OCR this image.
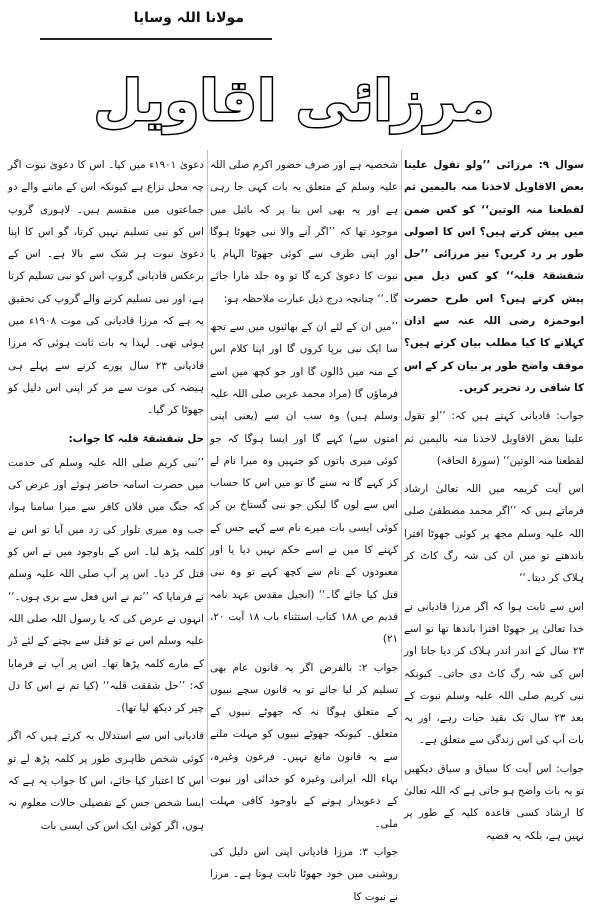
مولانا اللہ وسایا
مرزائی اقاویل

سوال ۹: مرزائی ’’ولو تقول علینا بعض الاقاویل لاخذنا منہ بالیمین ثم لقطعنا منہ الوتین‘‘ کو کس ضمن میں پیش کرتے ہیں؟ اس کا اصولی طور پر رد کریں؟ نیز مرزائی ’’حل شقشقۃ قلبہ‘‘ کو کس ذیل میں پیش کرتے ہیں؟ اس طرح حضرت ابوحمزہ رضی اللہ عنہ سے اذان کہلانے کا کیا مطلب بیان کرتے ہیں؟ موقف واضح طور پر بیان کر کے اس کا شافی رد تحریر کریں۔

جواب: قادیانی کہتے ہیں کہ: ’’لو تقول علینا بعض الاقاویل لاخذنا منہ بالیمین ثم لقطعنا منہ الوتین‘‘ (سورۃ الحاقہ)

اس آیت کریمہ میں اللہ تعالیٰ ارشاد فرماتے ہیں کہ ’’اگر محمد مصطفیٰ صلی اللہ علیہ وسلم مجھ پر کوئی جھوٹا افترا باندھتے تو میں ان کی شہ رگ کاٹ کر ہلاک کر دیتا۔‘‘

اس سے ثابت ہوا کہ اگر مرزا قادیانی نے خدا تعالیٰ پر جھوٹا افترا باندھا تھا تو اسے ۲۳ سال کے اندر اندر ہلاک کر دیا جاتا اور اس کی شہ رگ کاٹ دی جاتی۔ کیونکہ نبی کریم صلی اللہ علیہ وسلم نبوت کے بعد ۲۳ سال تک بقید حیات رہے، اور یہ بات آپ کی اس زندگی سے متعلق ہے۔

جواب: اس آیت کا سیاق و سباق دیکھیں تو یہ بات واضح ہو جاتی ہے کہ اللہ تعالیٰ کا ارشاد کسی قاعدہ کلیہ کے طور پر نہیں ہے، بلکہ یہ قضیہ

شخصیہ ہے اور صرف حضور اکرم صلی اللہ علیہ وسلم کے متعلق یہ بات کہی جا رہی ہے اور یہ بھی اس بنا پر کہ بائبل میں موجود تھا کہ ’’اگر آنے والا نبی جھوٹا ہوگا اور اپنی طرف سے کوئی جھوٹا الہام یا نبوت کا دعویٰ کرے گا تو وہ جلد مارا جائے گا۔‘‘ چنانچہ درج ذیل عبارت ملاحظہ ہو:

’’میں ان کے لئے ان کے بھائیوں میں سے تجھ سا ایک نبی برپا کروں گا اور اپنا کلام اس کے منہ میں ڈالوں گا اور جو کچھ میں اسے فرماؤں گا (مراد محمد عربی صلی اللہ علیہ وسلم ہیں) وہ سب ان سے (یعنی اپنی امتوں سے) کہے گا اور ایسا ہوگا کہ جو کوئی میری باتوں کو جنہیں وہ میرا نام لے کر کہے گا نہ سنے گا تو میں اس کا حساب اس سے لوں گا لیکن جو نبی گستاخ بن کر کوئی ایسی بات میرے نام سے کہے جس کے کہنے کا میں نے اسے حکم نہیں دیا یا اور معبودوں کے نام سے کچھ کہے تو وہ نبی قتل کیا جائے گا۔‘‘ (انجیل مقدس عہد نامہ قدیم ص ۱۸۸ کتاب استثناء باب ۱۸ آیت ۲۰، ۲۱)

جواب ۲: بالفرض اگر یہ قانون عام بھی تسلیم کر لیا جائے تو یہ قانون سچے نبیوں کے متعلق ہوگا نہ کہ جھوٹے نبیوں کے متعلق۔ کیونکہ جھوٹے نبیوں کو مہلت ملنے سے یہ قانون مانع نہیں۔ فرعون وغیرہ، بہاء اللہ ایرانی وغیرہ کو خدائی اور نبوت کے دعویدار ہونے کے باوجود کافی مہلت ملی۔

جواب ۳: مرزا قادیانی اپنی اس دلیل کی روشنی میں خود جھوٹا ثابت ہوتا ہے۔ مرزا نے نبوت کا

دعویٰ ۱۹۰۱ء میں کیا۔ اس کا دعویٰ نبوت اگر چہ محل نزاع ہے کیونکہ اس کے ماننے والے دو جماعتوں میں منقسم ہیں۔ لاہوری گروپ اس کو نبی تسلیم نہیں کرتا، گو اس کا اپنا دعویٰ نبوت ہر شک سے بالا ہے۔ اس کے برعکس قادیانی گروپ اس کو نبی تسلیم کرتا ہے، اور نبی تسلیم کرنے والے گروپ کی تحقیق یہ ہے کہ مرزا قادیانی کی موت ۱۹۰۸ء میں ہوئی تھی۔ لہذا یہ بات ثابت ہوئی کہ مرزا قادیانی ۲۳ سال پورے کرنے سے پہلے ہی ہیضہ کی موت سے مر کر اپنی اس دلیل کو جھوٹا کر گیا۔

حل شقشقۃ قلبہ کا جواب:

’’نبی کریم صلی اللہ علیہ وسلم کی خدمت میں حضرت اسامہ حاضر ہوئے اور عرض کی کہ جنگ میں فلاں کافر سے میرا سامنا ہوا، جب وہ میری تلوار کی زد میں آیا تو اس نے کلمہ پڑھ لیا۔ اس کے باوجود میں نے اس کو قتل کر دیا۔ اس پر آپ صلی اللہ علیہ وسلم نے فرمایا کہ ’’تم نے اس فعل سے بری ہوں۔‘‘ انہوں نے عرض کی کہ یا رسول اللہ صلی اللہ علیہ وسلم اس نے تو قتل سے بچنے کے لئے ڈر کے مارے کلمہ پڑھا تھا۔ اس پر آپ نے فرمایا کہ: ’’حل شققت قلبہ‘‘ (کیا تم نے اس کا دل چیر کر دیکھ لیا تھا)۔

قادیانی اس سے استدلال یہ کرتے ہیں کہ اگر کوئی شخص ظاہری طور پر کلمہ پڑھ لے تو اس کا اعتبار کیا جائے، اس کا جواب یہ ہے کہ ایسا شخص جس کے تفصیلی حالات معلوم نہ ہوں، اگر کوئی ایک اس کی ایسی بات
